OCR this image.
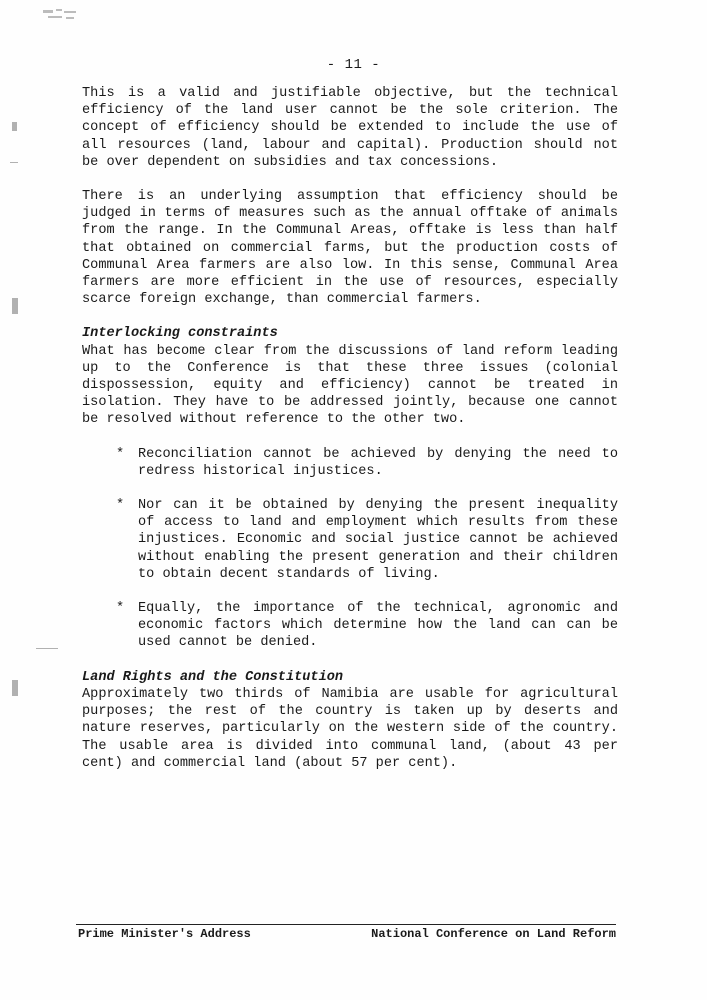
- 11 -

This is a valid and justifiable objective, but the technical efficiency of the land user cannot be the sole criterion. The concept of efficiency should be extended to include the use of all resources (land, labour and capital). Production should not be over dependent on subsidies and tax concessions.

There is an underlying assumption that efficiency should be judged in terms of measures such as the annual offtake of animals from the range. In the Communal Areas, offtake is less than half that obtained on commercial farms, but the production costs of Communal Area farmers are also low. In this sense, Communal Area farmers are more efficient in the use of resources, especially scarce foreign exchange, than commercial farmers.

Interlocking constraints

What has become clear from the discussions of land reform leading up to the Conference is that these three issues (colonial dispossession, equity and efficiency) cannot be treated in isolation. They have to be addressed jointly, because one cannot be resolved without reference to the other two.

* Reconciliation cannot be achieved by denying the need to redress historical injustices.
* Nor can it be obtained by denying the present inequality of access to land and employment which results from these injustices. Economic and social justice cannot be achieved without enabling the present generation and their children to obtain decent standards of living.
* Equally, the importance of the technical, agronomic and economic factors which determine how the land can can be used cannot be denied.

Land Rights and the Constitution

Approximately two thirds of Namibia are usable for agricultural purposes; the rest of the country is taken up by deserts and nature reserves, particularly on the western side of the country. The usable area is divided into communal land, (about 43 per cent) and commercial land (about 57 per cent).

Prime Minister's Address	National Conference on Land Reform
